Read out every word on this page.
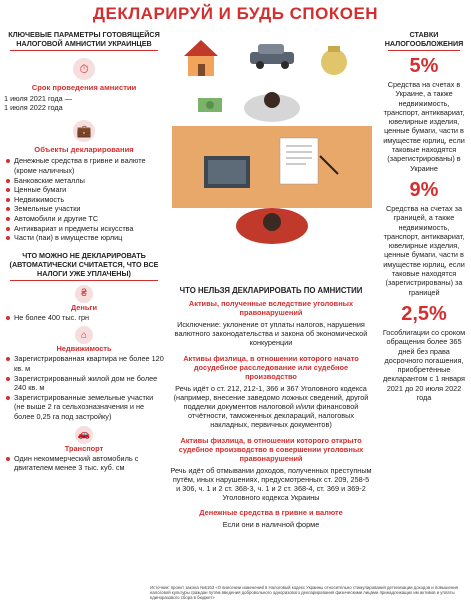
ДЕКЛАРИРУЙ И БУДЬ СПОКОЕН
КЛЮЧЕВЫЕ ПАРАМЕТРЫ ГОТОВЯЩЕЙСЯ НАЛОГОВОЙ АМНИСТИИ УКРАИНЦЕВ
⏱
Срок проведения амнистии
1 июля 2021 года —
1 июля 2022 года
💼
Объекты декларирования
Денежные средства в гривне и валюте (кроме наличных)
Банковские металлы
Ценные бумаги
Недвижимость
Земельные участки
Автомобили и другие ТС
Антиквариат и предметы искусства
Части (паи) в имуществе юрлиц
ЧТО МОЖНО НЕ ДЕКЛАРИРОВАТЬ (АВТОМАТИЧЕСКИ СЧИТАЕТСЯ, ЧТО ВСЕ НАЛОГИ УЖЕ УПЛАЧЕНЫ)
₴
Деньги
Не более 400 тыс. грн
⌂
Недвижимость
Зарегистрированная квартира не более 120 кв. м
Зарегистрированный жилой дом не более 240 кв. м
Зарегистрированные земельные участки (не выше 2 га сельхозназначения и не более 0,25 га под застройку)
🚗
Транспорт
Один некоммерческий автомобиль с двигателем менее 3 тыс. куб. см
ЧТО НЕЛЬЗЯ ДЕКЛАРИРОВАТЬ ПО АМНИСТИИ
Активы, полученные вследствие уголовных правонарушений
Исключение: уклонение от уплаты налогов, нарушения валютного законодательства и закона об экономической конкуренции
Активы физлица, в отношении которого начато досудебное расследование или судебное производство
Речь идёт о ст. 212, 212-1, 366 и 367 Уголовного кодекса (например, внесение заведомо ложных сведений, другой подделки документов налоговой и/или финансовой отчётности, таможенных деклараций, налоговых накладных, первичных документов)
Активы физлица, в отношении которого открыто судебное производство в совершении уголовных правонарушений
Речь идёт об отмывании доходов, полученных преступным путём, иных нарушениях, предусмотренных ст. 209, 258-5 и 306, ч. 1 и 2 ст. 368-3, ч. 1 и 2 ст. 368-4, ст. 369 и 369-2 Уголовного кодекса Украины
Денежные средства в гривне и валюте
Если они в наличной форме
СТАВКИ НАЛОГООБЛОЖЕНИЯ
5%
Средства на счетах в Украине, а также недвижимость, транспорт, антиквариат, ювелирные изделия, ценные бумаги, части в имуществе юрлиц, если таковые находятся (зарегистрированы) в Украине
9%
Средства на счетах за границей, а также недвижимость, транспорт, антиквариат, ювелирные изделия, ценные бумаги, части в имуществе юрлиц, если таковые находятся (зарегистрированы) за границей
2,5%
Гособлигации со сроком обращения более 365 дней без права досрочного погашения, приобретённые декларантом с 1 января 2021 до 20 июля 2022 года
Источник: проект закона №5153 «О внесении изменений в Налоговый кодекс Украины относительно стимулирования детенизации доходов и повышения налоговой культуры граждан путём введения добровольного одноразового декларирования физическими лицами принадлежащих им активов и уплаты единоразового сбора в бюджет»
